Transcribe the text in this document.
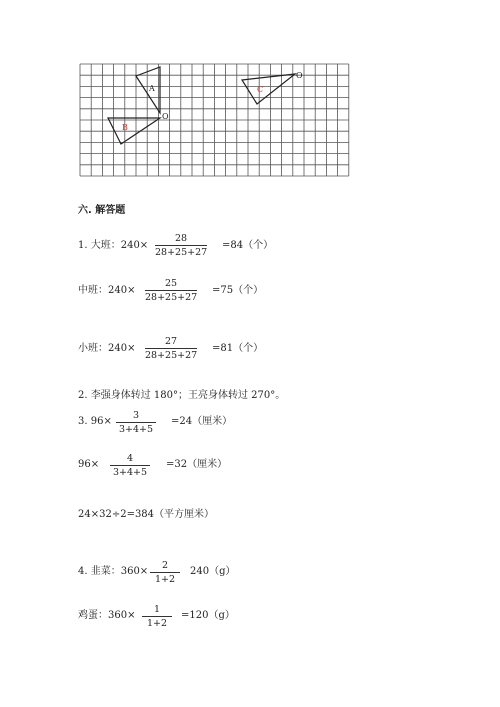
A
B
C
O
O
六. 解答题
1. 大班：240×
28
28+25+27
=84（个）
中班：240×
25
28+25+27
=75（个）
小班：240×
27
28+25+27
=81（个）
2. 李强身体转过 180°；王亮身体转过 270°。
3. 96×
3
3+4+5
=24（厘米）
96×
4
3+4+5
=32（厘米）
24×32÷2=384（平方厘米）
4. 韭菜：360×
2
1+2
240（g）
鸡蛋：360×
1
1+2
=120（g）
